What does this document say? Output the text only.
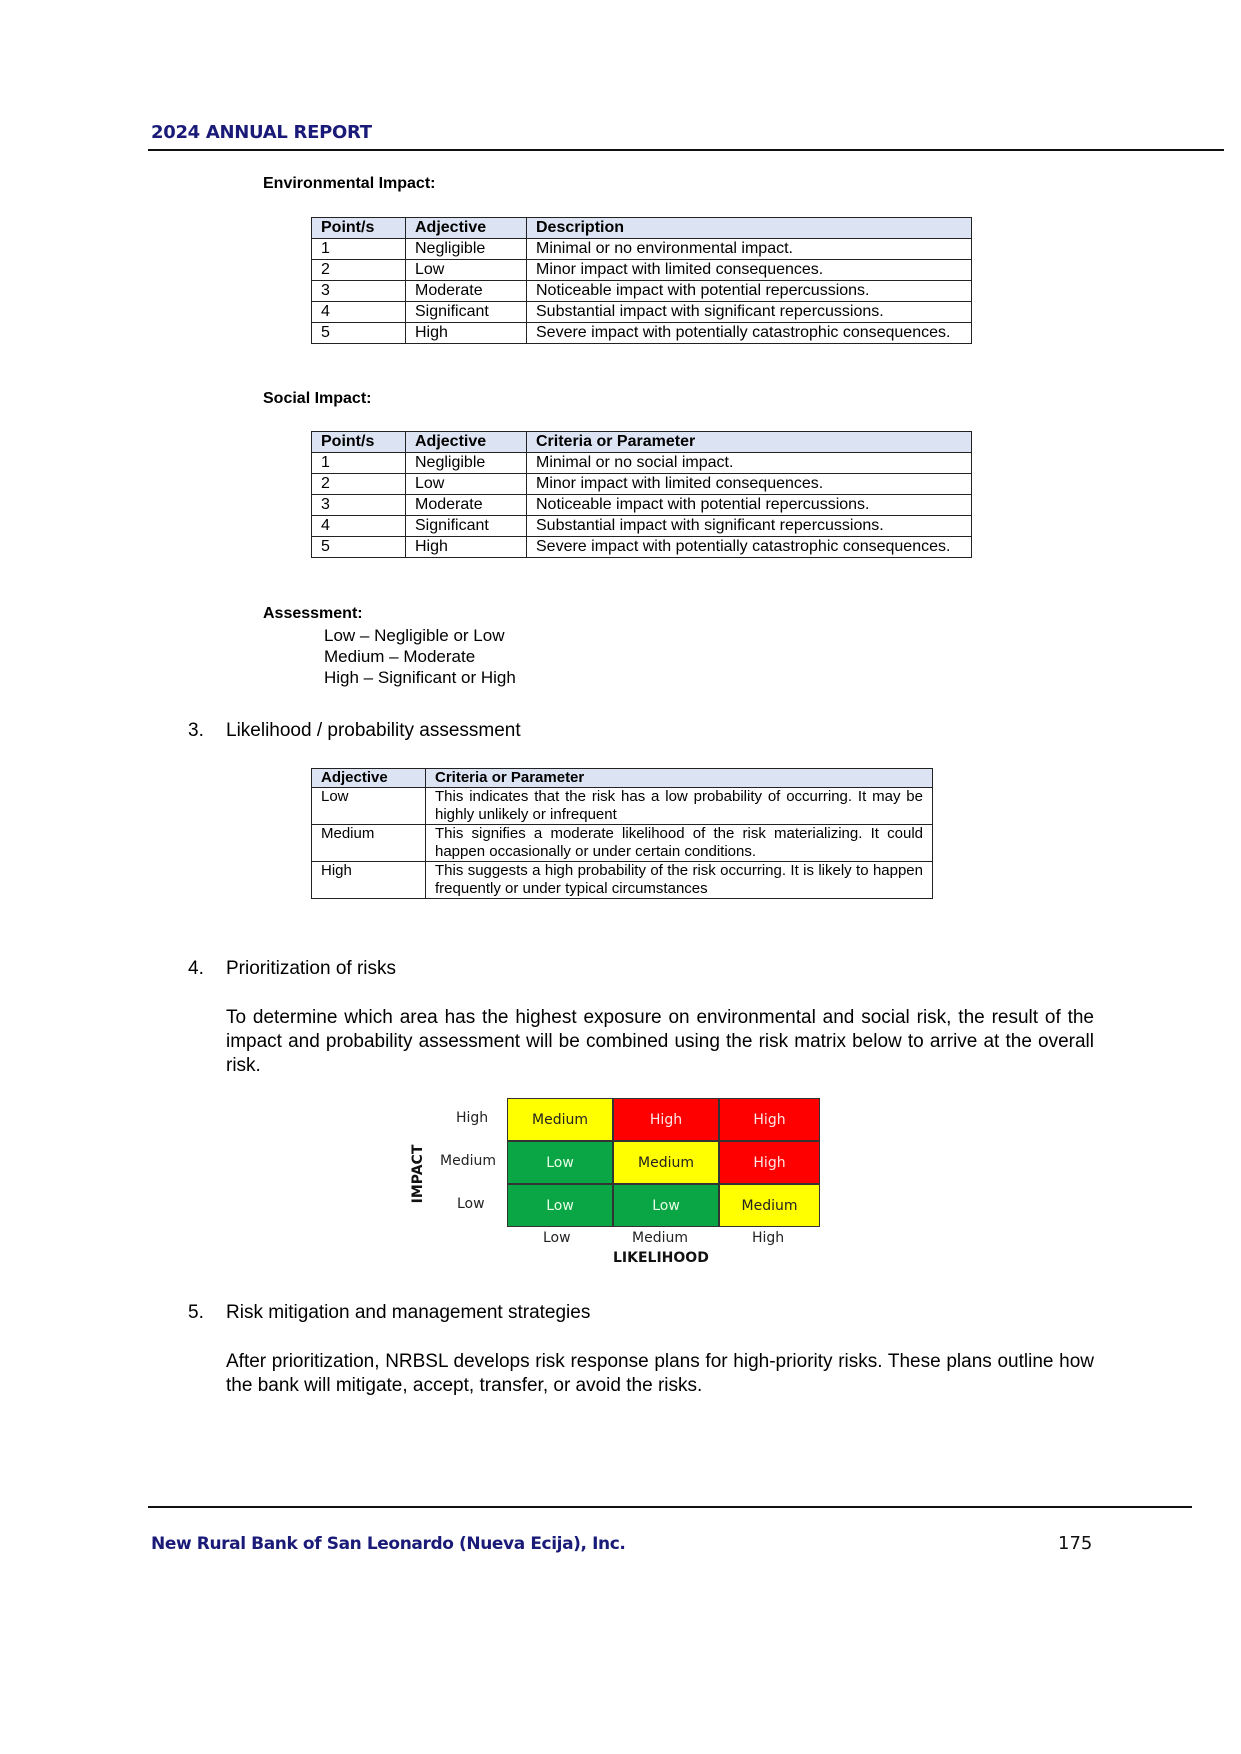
2024 ANNUAL REPORT
Environmental Impact:
Point/s	Adjective	Description
1	Negligible	Minimal or no environmental impact.
2	Low	Minor impact with limited consequences.
3	Moderate	Noticeable impact with potential repercussions.
4	Significant	Substantial impact with significant repercussions.
5	High	Severe impact with potentially catastrophic consequences.
Social Impact:
Point/s	Adjective	Criteria or Parameter
1	Negligible	Minimal or no social impact.
2	Low	Minor impact with limited consequences.
3	Moderate	Noticeable impact with potential repercussions.
4	Significant	Substantial impact with significant repercussions.
5	High	Severe impact with potentially catastrophic consequences.
Assessment:
Low – Negligible or Low
Medium – Moderate
High – Significant or High
3. Likelihood / probability assessment
Adjective	Criteria or Parameter
Low	This indicates that the risk has a low probability of occurring. It may be highly unlikely or infrequent
Medium	This signifies a moderate likelihood of the risk materializing. It could happen occasionally or under certain conditions.
High	This suggests a high probability of the risk occurring. It is likely to happen frequently or under typical circumstances
4. Prioritization of risks
To determine which area has the highest exposure on environmental and social risk, the result of the impact and probability assessment will be combined using the risk matrix below to arrive at the overall risk.
IMPACT
High
Medium
Low
Medium	High	High
Low	Medium	High
Low	Low	Medium
Low	Medium	High
LIKELIHOOD
5. Risk mitigation and management strategies
After prioritization, NRBSL develops risk response plans for high-priority risks. These plans outline how the bank will mitigate, accept, transfer, or avoid the risks.
New Rural Bank of San Leonardo (Nueva Ecija), Inc.	175
